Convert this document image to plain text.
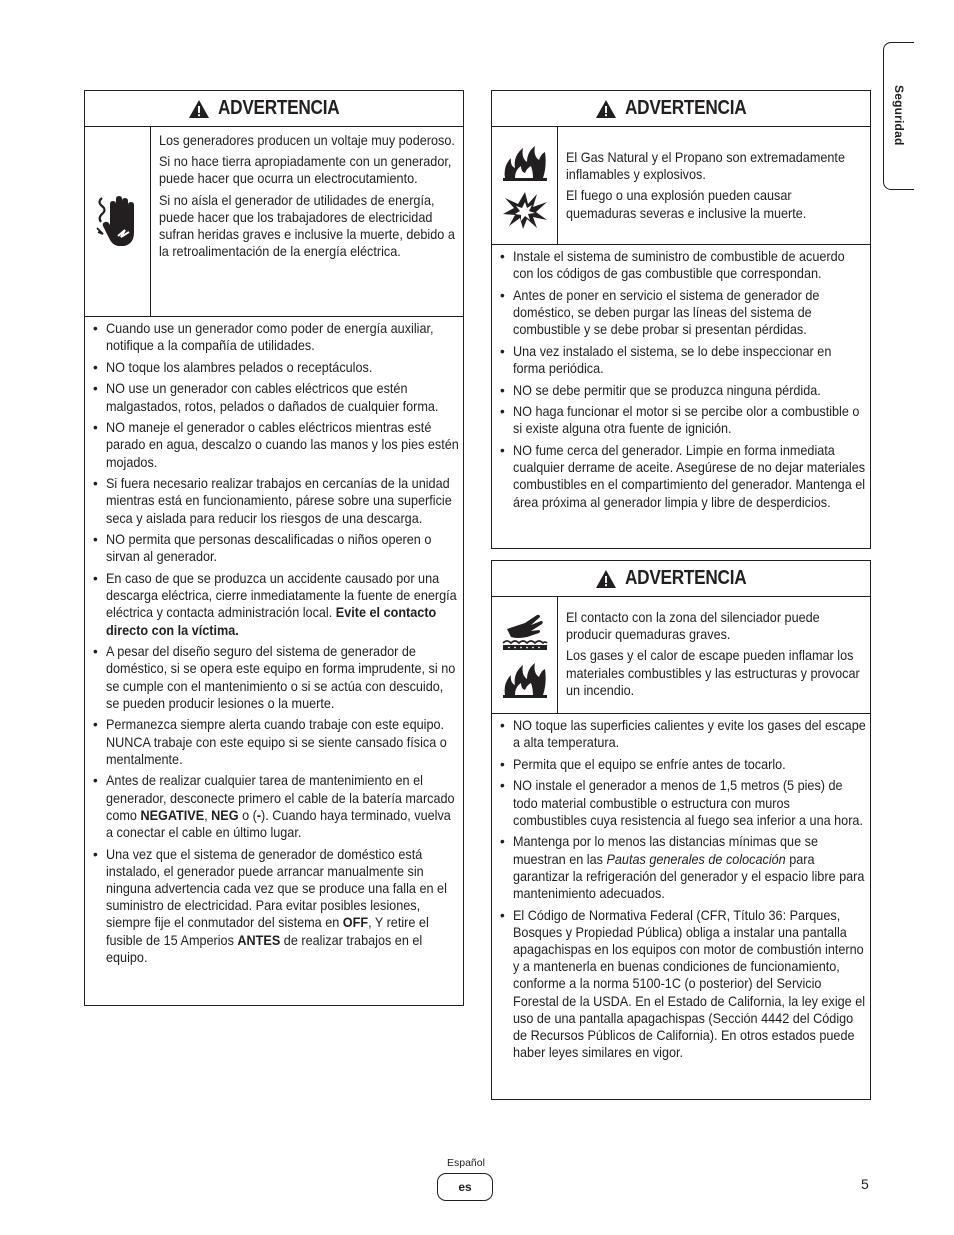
Seguridad
ADVERTENCIA

Los generadores producen un voltaje muy poderoso.

Si no hace tierra apropiadamente con un generador, puede hacer que ocurra un electrocutamiento.

Si no aísla el generador de utilidades de energía, puede hacer que los trabajadores de electricidad sufran heridas graves e inclusive la muerte, debido a la retroalimentación de la energía eléctrica.

• Cuando use un generador como poder de energía auxiliar, notifique a la compañía de utilidades.
• NO toque los alambres pelados o receptáculos.
• NO use un generador con cables eléctricos que estén malgastados, rotos, pelados o dañados de cualquier forma.
• NO maneje el generador o cables eléctricos mientras esté parado en agua, descalzo o cuando las manos y los pies estén mojados.
• Si fuera necesario realizar trabajos en cercanías de la unidad mientras está en funcionamiento, párese sobre una superficie seca y aislada para reducir los riesgos de una descarga.
• NO permita que personas descalificadas o niños operen o sirvan al generador.
• En caso de que se produzca un accidente causado por una descarga eléctrica, cierre inmediatamente la fuente de energía eléctrica y contacta administración local. Evite el contacto directo con la víctima.
• A pesar del diseño seguro del sistema de generador de doméstico, si se opera este equipo en forma imprudente, si no se cumple con el mantenimiento o si se actúa con descuido, se pueden producir lesiones o la muerte.
• Permanezca siempre alerta cuando trabaje con este equipo. NUNCA trabaje con este equipo si se siente cansado física o mentalmente.
• Antes de realizar cualquier tarea de mantenimiento en el generador, desconecte primero el cable de la batería marcado como NEGATIVE, NEG o (-). Cuando haya terminado, vuelva a conectar el cable en último lugar.
• Una vez que el sistema de generador de doméstico está instalado, el generador puede arrancar manualmente sin ninguna advertencia cada vez que se produce una falla en el suministro de electricidad. Para evitar posibles lesiones, siempre fije el conmutador del sistema en OFF, Y retire el fusible de 15 Amperios ANTES de realizar trabajos en el equipo.
ADVERTENCIA

El Gas Natural y el Propano son extremadamente inflamables y explosivos.

El fuego o una explosión pueden causar quemaduras severas e inclusive la muerte.

• Instale el sistema de suministro de combustible de acuerdo con los códigos de gas combustible que correspondan.
• Antes de poner en servicio el sistema de generador de doméstico, se deben purgar las líneas del sistema de combustible y se debe probar si presentan pérdidas.
• Una vez instalado el sistema, se lo debe inspeccionar en forma periódica.
• NO se debe permitir que se produzca ninguna pérdida.
• NO haga funcionar el motor si se percibe olor a combustible o si existe alguna otra fuente de ignición.
• NO fume cerca del generador. Limpie en forma inmediata cualquier derrame de aceite. Asegúrese de no dejar materiales combustibles en el compartimiento del generador. Mantenga el área próxima al generador limpia y libre de desperdicios.
ADVERTENCIA

El contacto con la zona del silenciador puede producir quemaduras graves.

Los gases y el calor de escape pueden inflamar los materiales combustibles y las estructuras y provocar un incendio.

• NO toque las superficies calientes y evite los gases del escape a alta temperatura.
• Permita que el equipo se enfríe antes de tocarlo.
• NO instale el generador a menos de 1,5 metros (5 pies) de todo material combustible o estructura con muros combustibles cuya resistencia al fuego sea inferior a una hora.
• Mantenga por lo menos las distancias mínimas que se muestran en las Pautas generales de colocación para garantizar la refrigeración del generador y el espacio libre para mantenimiento adecuados.
• El Código de Normativa Federal (CFR, Título 36: Parques, Bosques y Propiedad Pública) obliga a instalar una pantalla apagachispas en los equipos con motor de combustión interno y a mantenerla en buenas condiciones de funcionamiento, conforme a la norma 5100-1C (o posterior) del Servicio Forestal de la USDA. En el Estado de California, la ley exige el uso de una pantalla apagachispas (Sección 4442 del Código de Recursos Públicos de California). En otros estados puede haber leyes similares en vigor.
Español
es	5
